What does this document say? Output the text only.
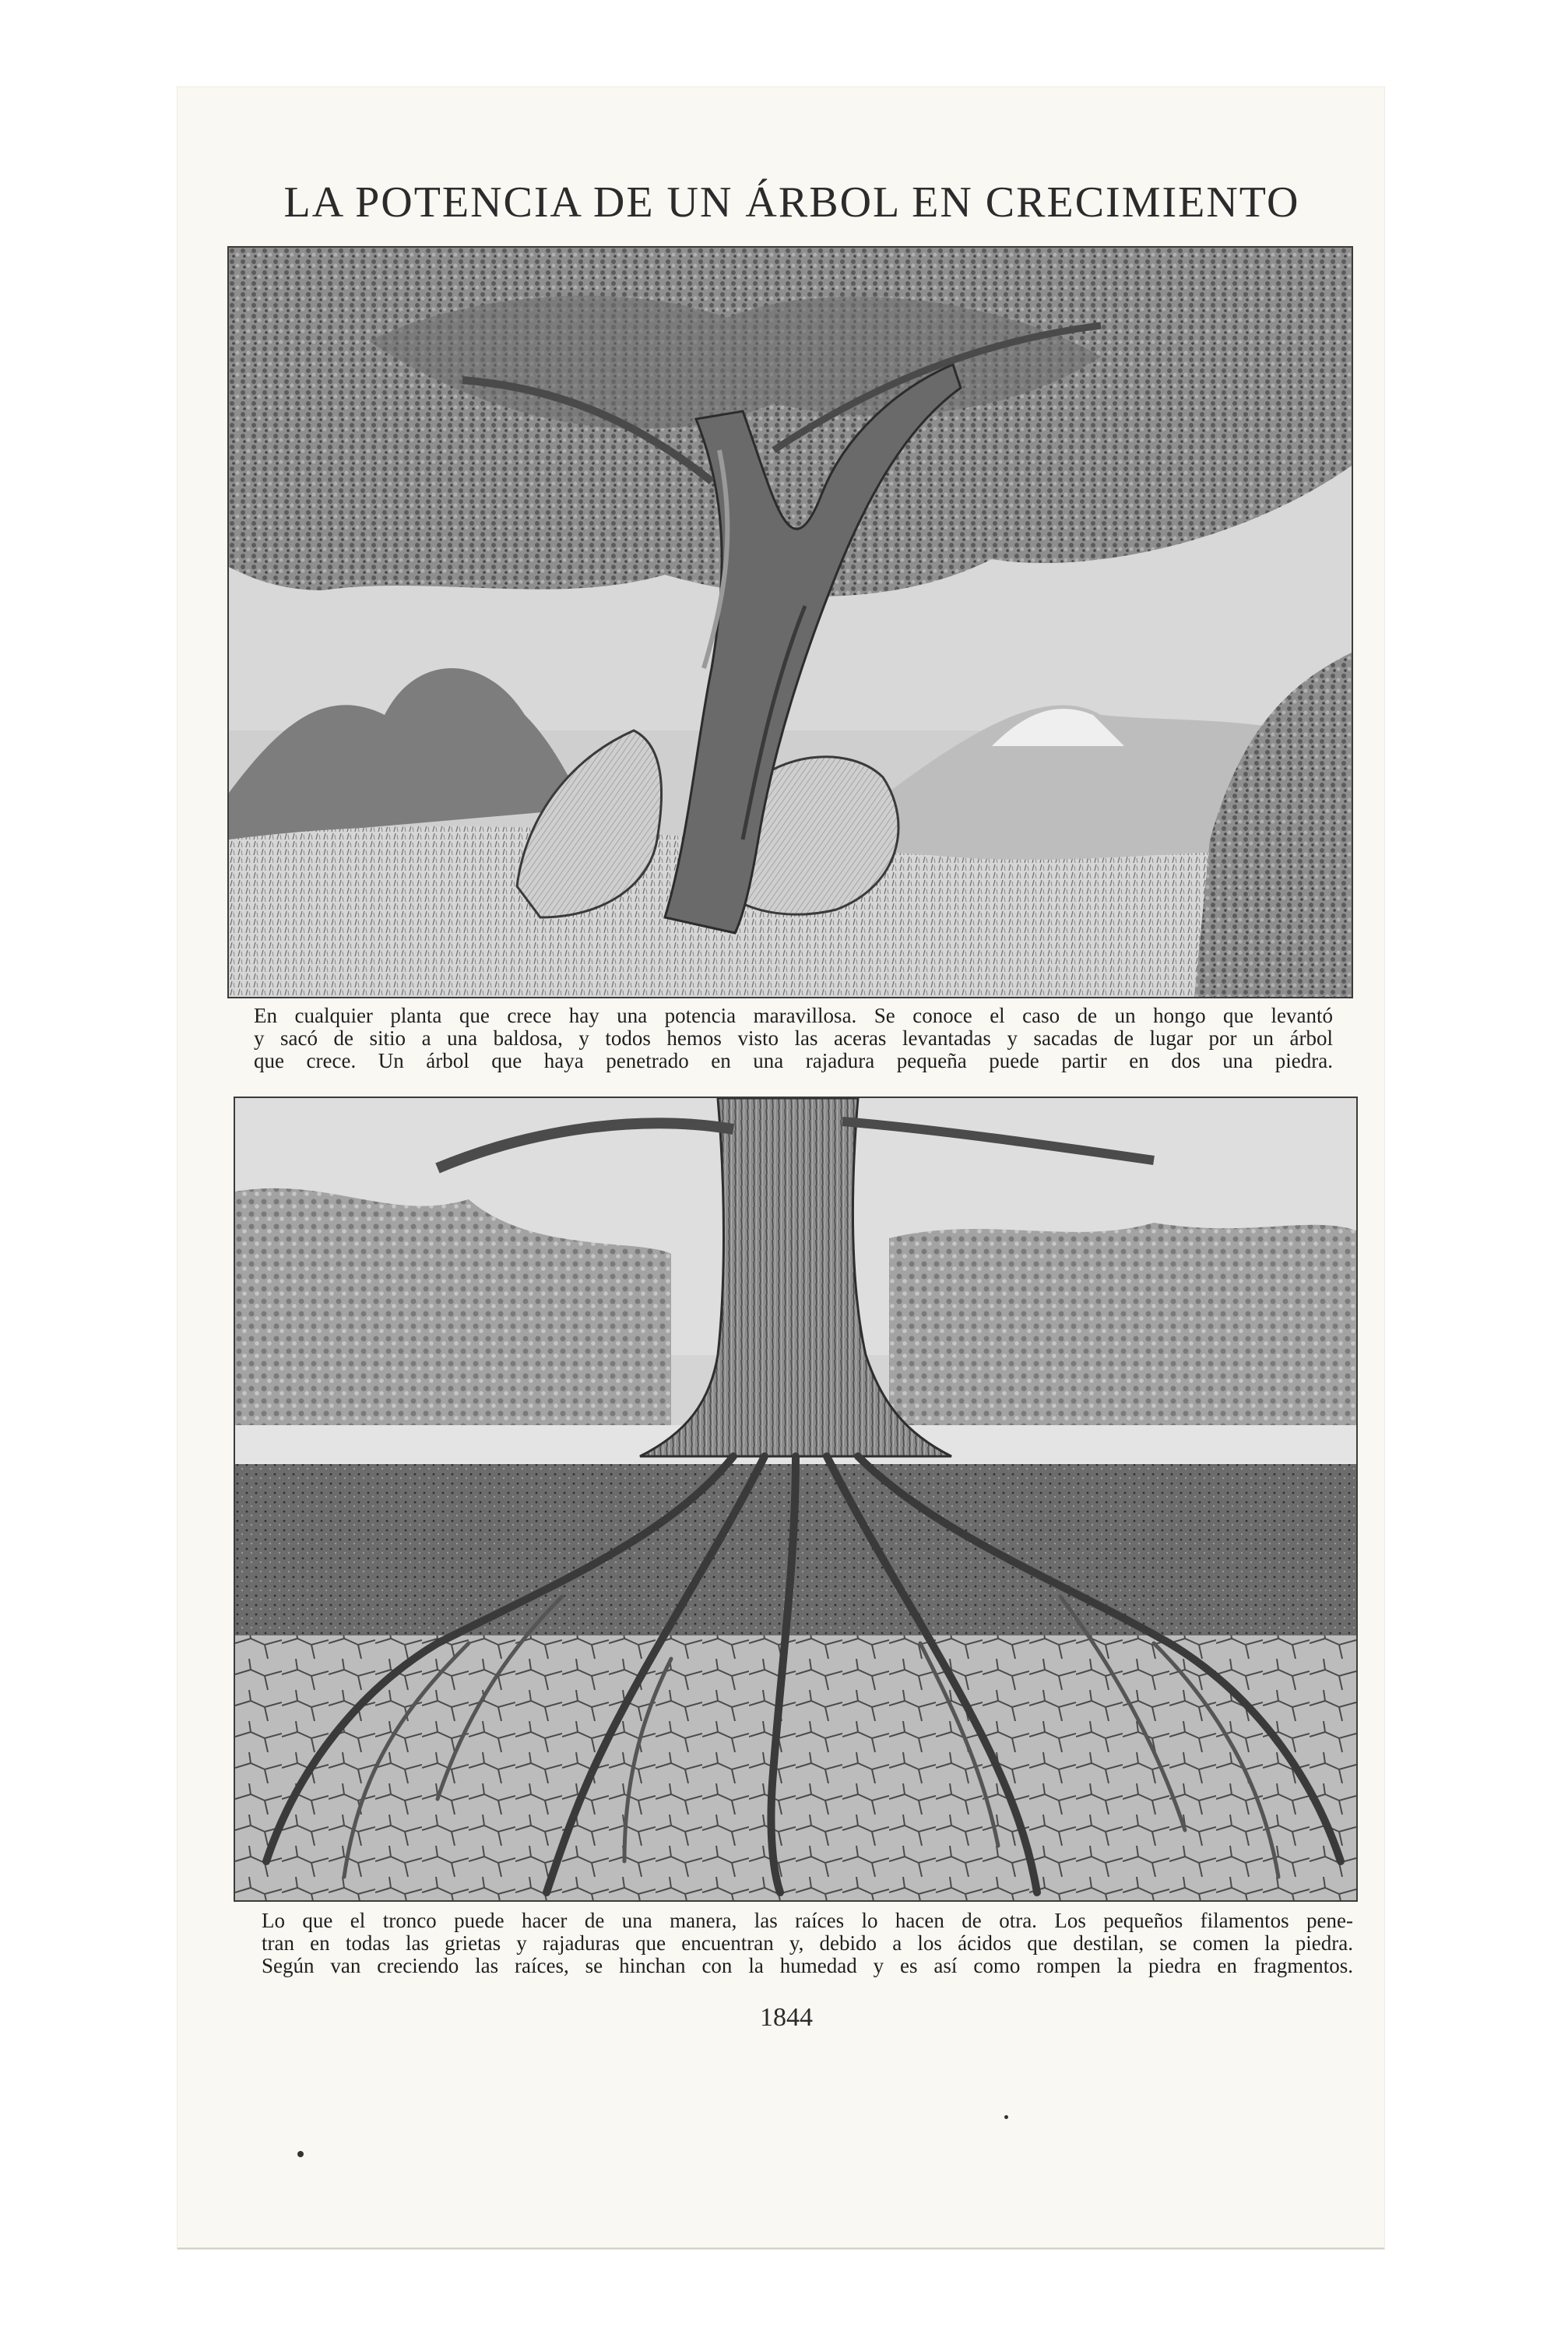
LA POTENCIA DE UN ÁRBOL EN CRECIMIENTO
En cualquier planta que crece hay una potencia maravillosa. Se conoce el caso de un hongo que levantó
y sacó de sitio a una baldosa, y todos hemos visto las aceras levantadas y sacadas de lugar por un árbol
que crece. Un árbol que haya penetrado en una rajadura pequeña puede partir en dos una piedra.
Lo que el tronco puede hacer de una manera, las raíces lo hacen de otra. Los pequeños filamentos pene-
tran en todas las grietas y rajaduras que encuentran y, debido a los ácidos que destilan, se comen la piedra.
Según van creciendo las raíces, se hinchan con la humedad y es así como rompen la piedra en fragmentos.
1844
